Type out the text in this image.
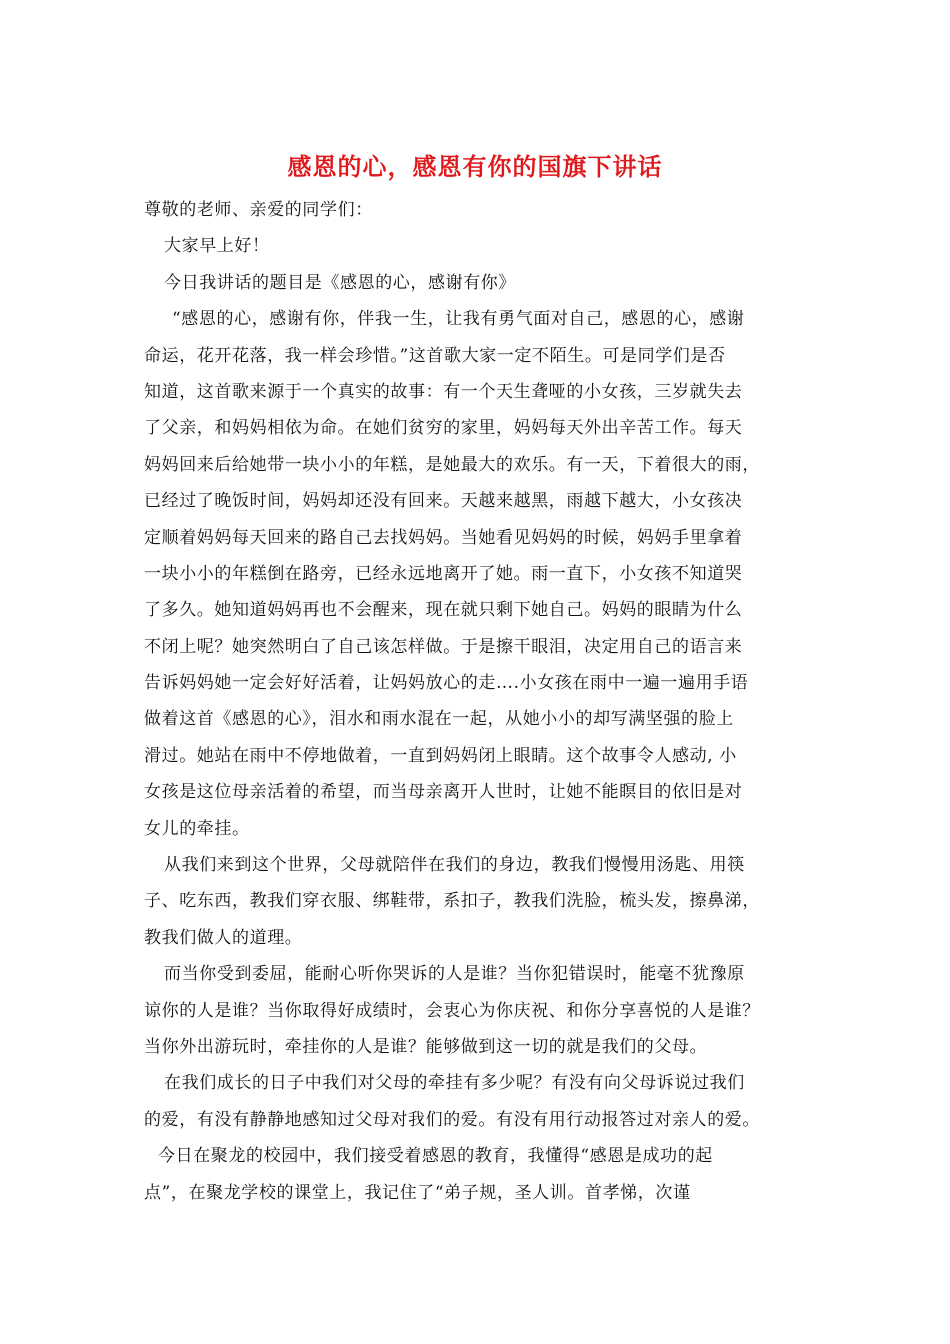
感恩的心，感恩有你的国旗下讲话
尊敬的老师、亲爱的同学们：
大家早上好！
今日我讲话的题目是《感恩的心，感谢有你》
“感恩的心，感谢有你，伴我一生，让我有勇气面对自己，感恩的心，感谢
命运，花开花落，我一样会珍惜。”这首歌大家一定不陌生。可是同学们是否
知道，这首歌来源于一个真实的故事：有一个天生聋哑的小女孩，三岁就失去
了父亲，和妈妈相依为命。在她们贫穷的家里，妈妈每天外出辛苦工作。每天
妈妈回来后给她带一块小小的年糕，是她最大的欢乐。有一天，下着很大的雨，
已经过了晚饭时间，妈妈却还没有回来。天越来越黑，雨越下越大，小女孩决
定顺着妈妈每天回来的路自己去找妈妈。当她看见妈妈的时候，妈妈手里拿着
一块小小的年糕倒在路旁，已经永远地离开了她。雨一直下，小女孩不知道哭
了多久。她知道妈妈再也不会醒来，现在就只剩下她自己。妈妈的眼睛为什么
不闭上呢？她突然明白了自己该怎样做。于是擦干眼泪，决定用自己的语言来
告诉妈妈她一定会好好活着，让妈妈放心的走….小女孩在雨中一遍一遍用手语
做着这首《感恩的心》，泪水和雨水混在一起，从她小小的却写满坚强的脸上
滑过。她站在雨中不停地做着，一直到妈妈闭上眼睛。这个故事令人感动, 小
女孩是这位母亲活着的希望，而当母亲离开人世时，让她不能瞑目的依旧是对
女儿的牵挂。
从我们来到这个世界，父母就陪伴在我们的身边，教我们慢慢用汤匙、用筷
子、吃东西，教我们穿衣服、绑鞋带，系扣子，教我们洗脸，梳头发，擦鼻涕，
教我们做人的道理。
而当你受到委屈，能耐心听你哭诉的人是谁？当你犯错误时，能毫不犹豫原
谅你的人是谁？当你取得好成绩时，会衷心为你庆祝、和你分享喜悦的人是谁？
当你外出游玩时，牵挂你的人是谁？能够做到这一切的就是我们的父母。
在我们成长的日子中我们对父母的牵挂有多少呢？有没有向父母诉说过我们
的爱，有没有静静地感知过父母对我们的爱。有没有用行动报答过对亲人的爱。
今日在聚龙的校园中，我们接受着感恩的教育，我懂得“感恩是成功的起
点”，在聚龙学校的课堂上，我记住了“弟子规，圣人训。首孝悌，次谨
